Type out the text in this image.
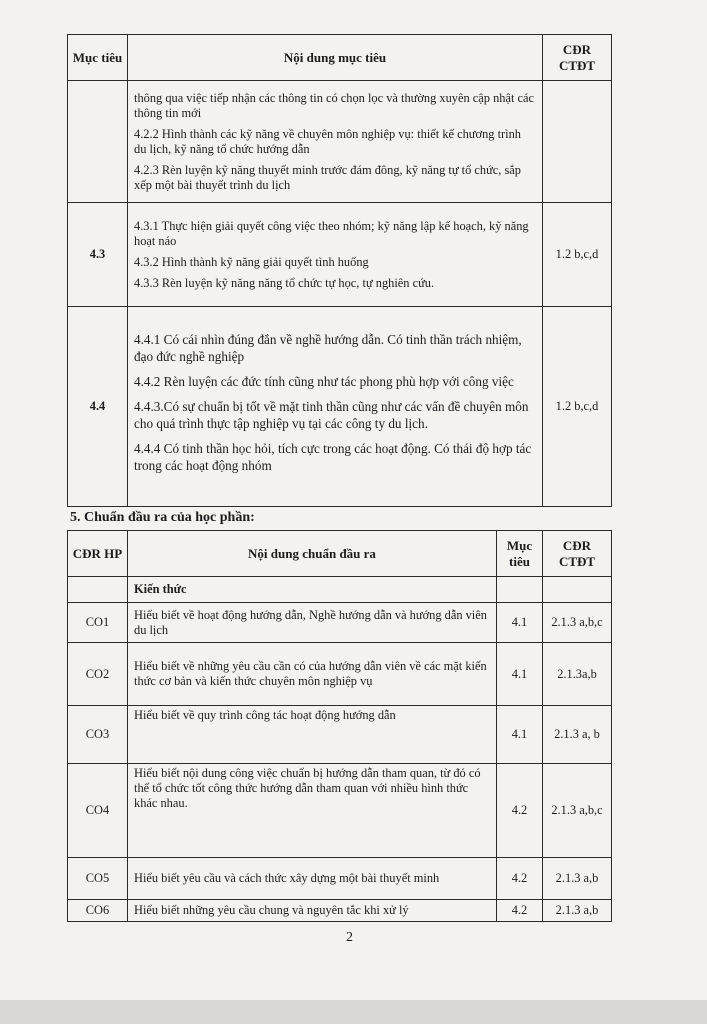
Mục tiêu	Nội dung mục tiêu	CĐR CTĐT

	thông qua việc tiếp nhận các thông tin có chọn lọc và thường xuyên cập nhật các thông tin mới

4.2.2 Hình thành các kỹ năng về chuyên môn nghiệp vụ: thiết kế chương trình du lịch, kỹ năng tổ chức hướng dẫn

4.2.3 Rèn luyện kỹ năng thuyết minh trước đám đông, kỹ năng tự tổ chức, sắp xếp một bài thuyết trình du lịch	

4.3	4.3.1 Thực hiện giải quyết công việc theo nhóm; kỹ năng lập kế hoạch, kỹ năng hoạt náo

4.3.2 Hình thành kỹ năng giải quyết tình huống

4.3.3 Rèn luyện kỹ năng năng tổ chức tự học, tự nghiên cứu.	1.2 b,c,d
4.4	4.4.1 Có cái nhìn đúng đắn về nghề hướng dẫn. Có tinh thần trách nhiệm, đạo đức nghề nghiệp

4.4.2 Rèn luyện các đức tính cũng như tác phong phù hợp với công việc

4.4.3.Có sự chuẩn bị tốt về mặt tinh thần cũng như các vấn đề chuyên môn cho quá trình thực tập nghiệp vụ tại các công ty du lịch.

4.4.4 Có tinh thần học hỏi, tích cực trong các hoạt động. Có thái độ hợp tác trong các hoạt động nhóm	1.2 b,c,d
5. Chuẩn đầu ra của học phần:
CĐR HP	Nội dung chuẩn đầu ra	Mục tiêu	CĐR CTĐT
	Kiến thức		
CO1	Hiểu biết về hoạt động hướng dẫn, Nghề hướng dẫn và hướng dẫn viên du lịch	4.1	2.1.3 a,b,c
CO2	Hiểu biết về những yêu cầu cần có của hướng dẫn viên về các mặt kiến thức cơ bản và kiến thức chuyên môn nghiệp vụ	4.1	2.1.3a,b
CO3	Hiểu biết về quy trình công tác hoạt động hướng dẫn	4.1	2.1.3 a, b
CO4	Hiểu biết nội dung công việc chuẩn bị hướng dẫn tham quan, từ đó có thể tổ chức tốt công thức hướng dẫn tham quan với nhiều hình thức khác nhau.	4.2	2.1.3 a,b,c
CO5	Hiểu biết yêu cầu và cách thức xây dựng một bài thuyết minh	4.2	2.1.3 a,b
CO6	Hiểu biết những yêu cầu chung và nguyên tắc khi xử lý	4.2	2.1.3 a,b
2
